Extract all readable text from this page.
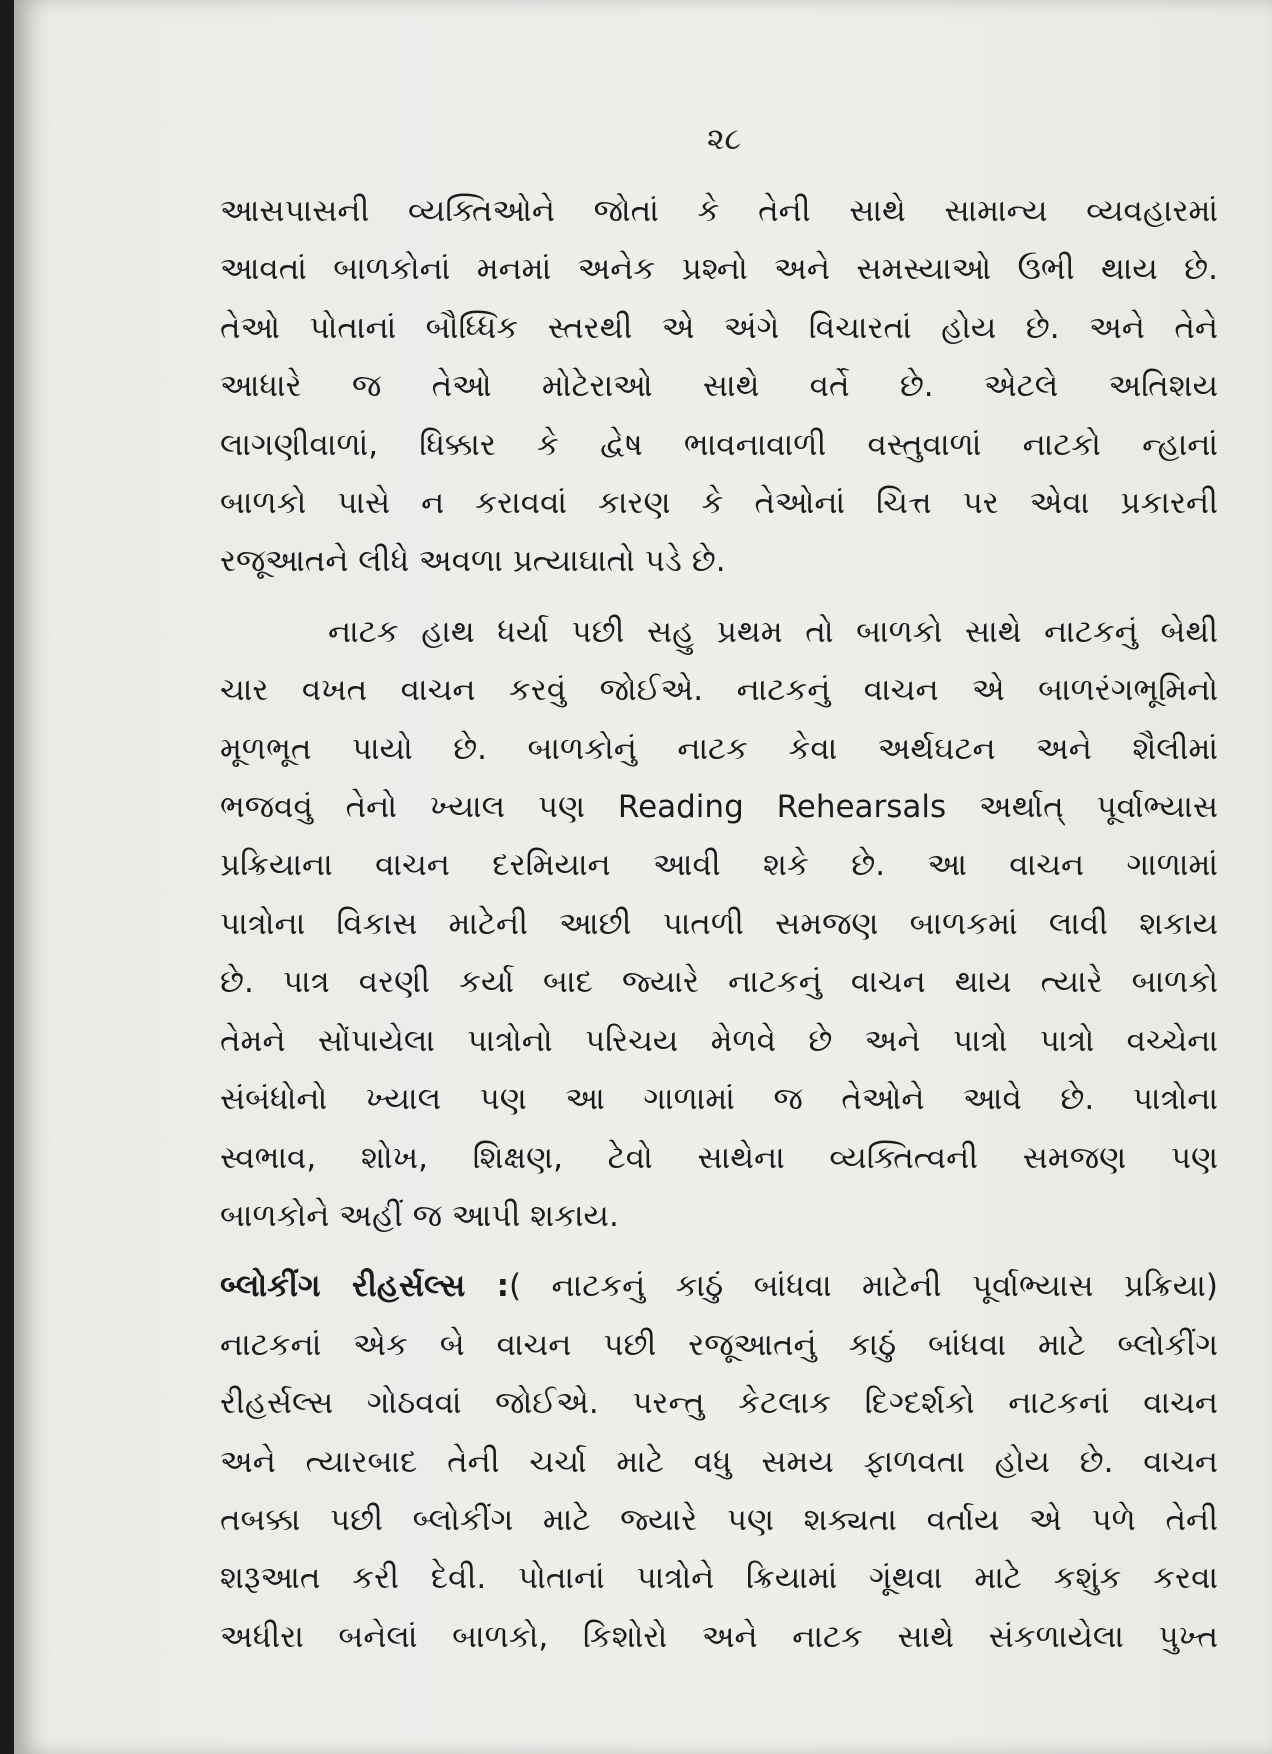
૨૮
આસપાસની વ્યક્તિઓને જોતાં કે તેની સાથે સામાન્ય વ્યવહારમાં
આવતાં બાળકોનાં મનમાં અનેક પ્રશ્નો અને સમસ્યાઓ ઉભી થાય છે.
તેઓ પોતાનાં બૌધ્ધિક સ્તરથી એ અંગે વિચારતાં હોય છે. અને તેને
આધારે જ તેઓ મોટેરાઓ સાથે વર્તે છે. એટલે અતિશય
લાગણીવાળાં, ધિક્કાર કે દ્વેષ ભાવનાવાળી વસ્તુવાળાં નાટકો ન્હાનાં
બાળકો પાસે ન કરાવવાં કારણ કે તેઓનાં ચિત્ત પર એવા પ્રકારની
રજૂઆતને લીધે અવળા પ્રત્યાઘાતો પડે છે.
નાટક હાથ ધર્યા પછી સહુ પ્રથમ તો બાળકો સાથે નાટકનું બેથી
ચાર વખત વાચન કરવું જોઈએ. નાટકનું વાચન એ બાળરંગભૂમિનો
મૂળભૂત પાયો છે. બાળકોનું નાટક કેવા અર્થઘટન અને શૈલીમાં
ભજવવું તેનો ખ્યાલ પણ Reading Rehearsals અર્થાત્ પૂર્વાભ્યાસ
પ્રક્રિયાના વાચન દરમિયાન આવી શકે છે. આ વાચન ગાળામાં
પાત્રોના વિકાસ માટેની આછી પાતળી સમજણ બાળકમાં લાવી શકાય
છે. પાત્ર વરણી કર્યા બાદ જ્યારે નાટકનું વાચન થાય ત્યારે બાળકો
તેમને સોંપાયેલા પાત્રોનો પરિચય મેળવે છે અને પાત્રો પાત્રો વચ્ચેના
સંબંધોનો ખ્યાલ પણ આ ગાળામાં જ તેઓને આવે છે. પાત્રોના
સ્વભાવ, શોખ, શિક્ષણ, ટેવો સાથેના વ્યક્તિત્વની સમજણ પણ
બાળકોને અહીં જ આપી શકાય.
બ્લોકીંગ રીહર્સલ્સ :( નાટકનું કાઠું બાંધવા માટેની પૂર્વાભ્યાસ પ્રક્રિયા)
નાટકનાં એક બે વાચન પછી રજૂઆતનું કાઠું બાંધવા માટે બ્લોકીંગ
રીહર્સલ્સ ગોઠવવાં જોઈએ. પરન્તુ કેટલાક દિગ્દર્શકો નાટકનાં વાચન
અને ત્યારબાદ તેની ચર્ચા માટે વધુ સમય ફાળવતા હોય છે. વાચન
તબક્કા પછી બ્લોકીંગ માટે જ્યારે પણ શક્યતા વર્તાય એ પળે તેની
શરૂઆત કરી દેવી. પોતાનાં પાત્રોને ક્રિયામાં ગૂંથવા માટે કશુંક કરવા
અધીરા બનેલાં બાળકો, કિશોરો અને નાટક સાથે સંકળાયેલા પુખ્ત
